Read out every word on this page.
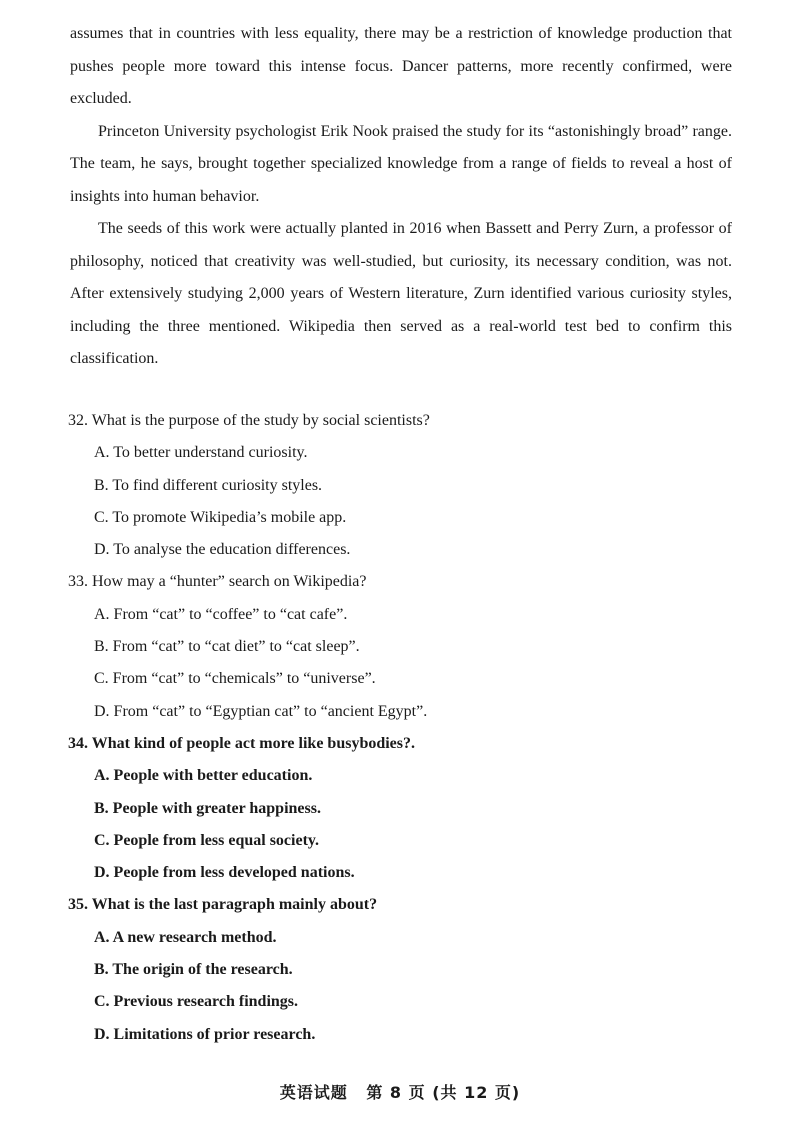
assumes that in countries with less equality, there may be a restriction of knowledge production that pushes people more toward this intense focus. Dancer patterns, more recently confirmed, were excluded.

Princeton University psychologist Erik Nook praised the study for its “astonishingly broad” range. The team, he says, brought together specialized knowledge from a range of fields to reveal a host of insights into human behavior.

The seeds of this work were actually planted in 2016 when Bassett and Perry Zurn, a professor of philosophy, noticed that creativity was well-studied, but curiosity, its necessary condition, was not. After extensively studying 2,000 years of Western literature, Zurn identified various curiosity styles, including the three mentioned. Wikipedia then served as a real-world test bed to confirm this classification.

32. What is the purpose of the study by social scientists?

A. To better understand curiosity.
B. To find different curiosity styles.
C. To promote Wikipedia’s mobile app.
D. To analyse the education differences.

33. How may a “hunter” search on Wikipedia?

A. From “cat” to “coffee” to “cat cafe”.
B. From “cat” to “cat diet” to “cat sleep”.
C. From “cat” to “chemicals” to “universe”.
D. From “cat” to “Egyptian cat” to “ancient Egypt”.

34. What kind of people act more like busybodies?.

A. People with better education.
B. People with greater happiness.
C. People from less equal society.
D. People from less developed nations.

35. What is the last paragraph mainly about?

A. A new research method.
B. The origin of the research.
C. Previous research findings.
D. Limitations of prior research.
英语试题 第 8 页 (共 12 页)
